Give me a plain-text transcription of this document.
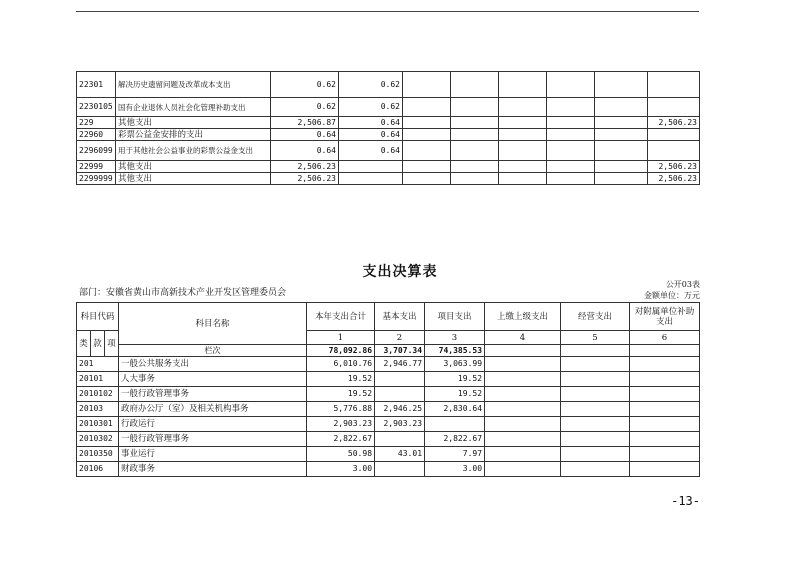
22301	解决历史遗留问题及改革成本支出	0.62	0.62						
2230105	国有企业退休人员社会化管理补助支出	0.62	0.62						
229	其他支出	2,506.87	0.64						2,506.23
22960	彩票公益金安排的支出	0.64	0.64						
2296099	用于其他社会公益事业的彩票公益金支出	0.64	0.64						
22999	其他支出	2,506.23							2,506.23
2299999	其他支出	2,506.23							2,506.23
支出决算表
公开03表
部门：安徽省黄山市高新技术产业开发区管理委员会	金额单位：万元
科目代码			科目名称	本年支出合计	基本支出	项目支出	上缴上级支出	经营支出	对附属单位补助支出
类	款	项		1	2	3	4	5	6
			栏次	78,092.86	3,707.34	74,385.53			
201			一般公共服务支出	6,010.76	2,946.77	3,063.99			
20101			人大事务	19.52		19.52			
2010102			一般行政管理事务	19.52		19.52			
20103			政府办公厅（室）及相关机构事务	5,776.88	2,946.25	2,830.64			
2010301			行政运行	2,903.23	2,903.23				
2010302			一般行政管理事务	2,822.67		2,822.67			
2010350			事业运行	50.98	43.01	7.97			
20106			财政事务	3.00		3.00			
-13-
